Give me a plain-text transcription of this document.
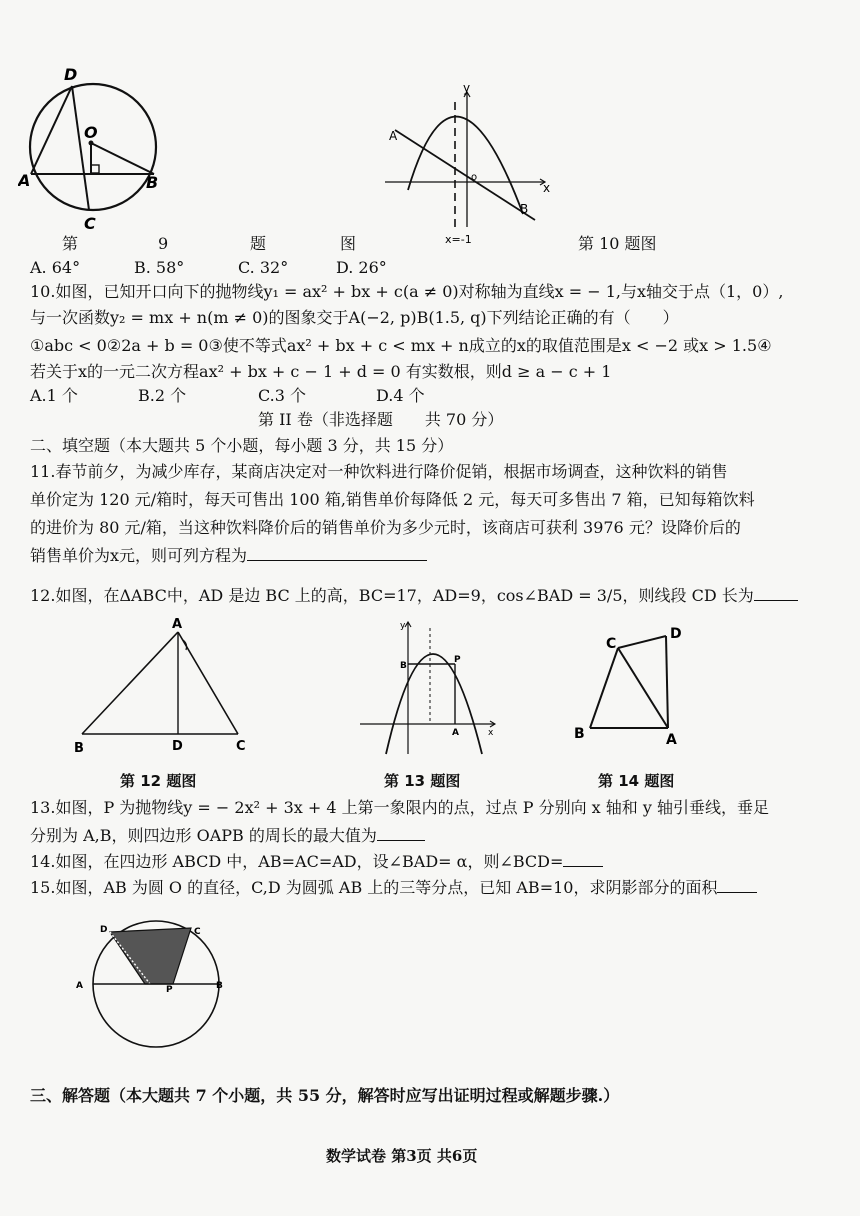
D
O
A	B
C
第	9	题	图
y
x
A
B
o
x=-1	第 10 题图
A. 64°	B. 58°	C. 32°	D. 26°
10.如图，已知开口向下的抛物线y₁ = ax² + bx + c(a ≠ 0)对称轴为直线x = − 1,与x轴交于点（1，0）,
与一次函数y₂ = mx + n(m ≠ 0)的图象交于A(−2, p)B(1.5, q)下列结论正确的有（　　）
①abc < 0②2a + b = 0③使不等式ax² + bx + c < mx + n成立的x的取值范围是x < −2 或x > 1.5④
若关于x的一元二次方程ax² + bx + c − 1 + d = 0 有实数根，则d ≥ a − c + 1
A.1 个	B.2 个	C.3 个	D.4 个
第 II 卷（非选择题　　共 70 分）
二、填空题（本大题共 5 个小题，每小题 3 分，共 15 分）
11.春节前夕，为减少库存，某商店决定对一种饮料进行降价促销，根据市场调查，这种饮料的销售
单价定为 120 元/箱时，每天可售出 100 箱,销售单价每降低 2 元，每天可多售出 7 箱，已知每箱饮料
的进价为 80 元/箱，当这种饮料降价后的销售单价为多少元时，该商店可获利 3976 元？设降价后的
销售单价为x元，则可列方程为
12.如图，在ΔABC中，AD 是边 BC 上的高，BC=17，AD=9，cos∠BAD = 3/5，则线段 CD 长为
A
B	D	C
y
B
P
A	x
C
D
B	A
第 12 题图	第 13 题图	第 14 题图
13.如图，P 为抛物线y = − 2x² + 3x + 4 上第一象限内的点，过点 P 分别向 x 轴和 y 轴引垂线，垂足
分别为 A,B，则四边形 OAPB 的周长的最大值为
14.如图，在四边形 ABCD 中，AB=AC=AD，设∠BAD= α，则∠BCD=
15.如图，AB 为圆 O 的直径，C,D 为圆弧 AB 上的三等分点，已知 AB=10，求阴影部分的面积
D	C
A	P	B
三、解答题（本大题共 7 个小题，共 55 分，解答时应写出证明过程或解题步骤.）
数学试卷 第3页 共6页
